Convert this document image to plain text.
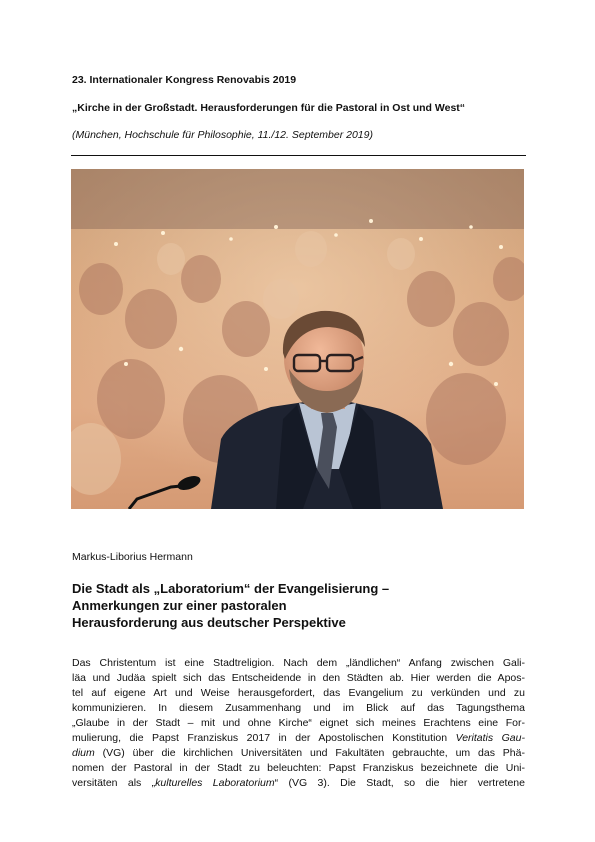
23. Internationaler Kongress Renovabis 2019
„Kirche in der Großstadt. Herausforderungen für die Pastoral in Ost und West“
(München, Hochschule für Philosophie, 11./12. September 2019)
Markus-Liborius Hermann
Die Stadt als „Laboratorium“ der Evangelisierung –
Anmerkungen zur einer pastoralen
Herausforderung aus deutscher Perspektive
Das Christentum ist eine Stadtreligion. Nach dem „ländlichen“ Anfang zwischen Gali-
läa und Judäa spielt sich das Entscheidende in den Städten ab. Hier werden die Apos-
tel auf eigene Art und Weise herausgefordert, das Evangelium zu verkünden und zu
kommunizieren. In diesem Zusammenhang und im Blick auf das Tagungsthema
„Glaube in der Stadt – mit und ohne Kirche“ eignet sich meines Erachtens eine For-
mulierung, die Papst Franziskus 2017 in der Apostolischen Konstitution Veritatis Gau-
dium (VG) über die kirchlichen Universitäten und Fakultäten gebrauchte, um das Phä-
nomen der Pastoral in der Stadt zu beleuchten: Papst Franziskus bezeichnete die Uni-
versitäten als „kulturelles Laboratorium“ (VG 3). Die Stadt, so die hier vertretene
